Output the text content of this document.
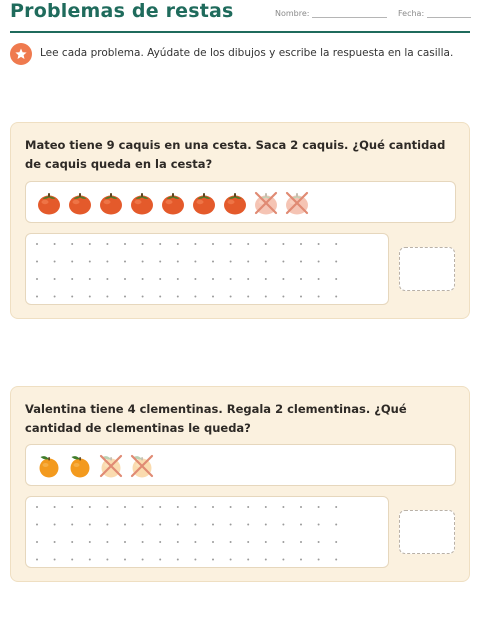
Problemas de restas	Nombre:	Fecha:
Lee cada problema. Ayúdate de los dibujos y escribe la respuesta en la casilla.
Mateo tiene 9 caquis en una cesta. Saca 2 caquis. ¿Qué cantidad de caquis queda en la cesta?
Valentina tiene 4 clementinas. Regala 2 clementinas. ¿Qué cantidad de clementinas le queda?
